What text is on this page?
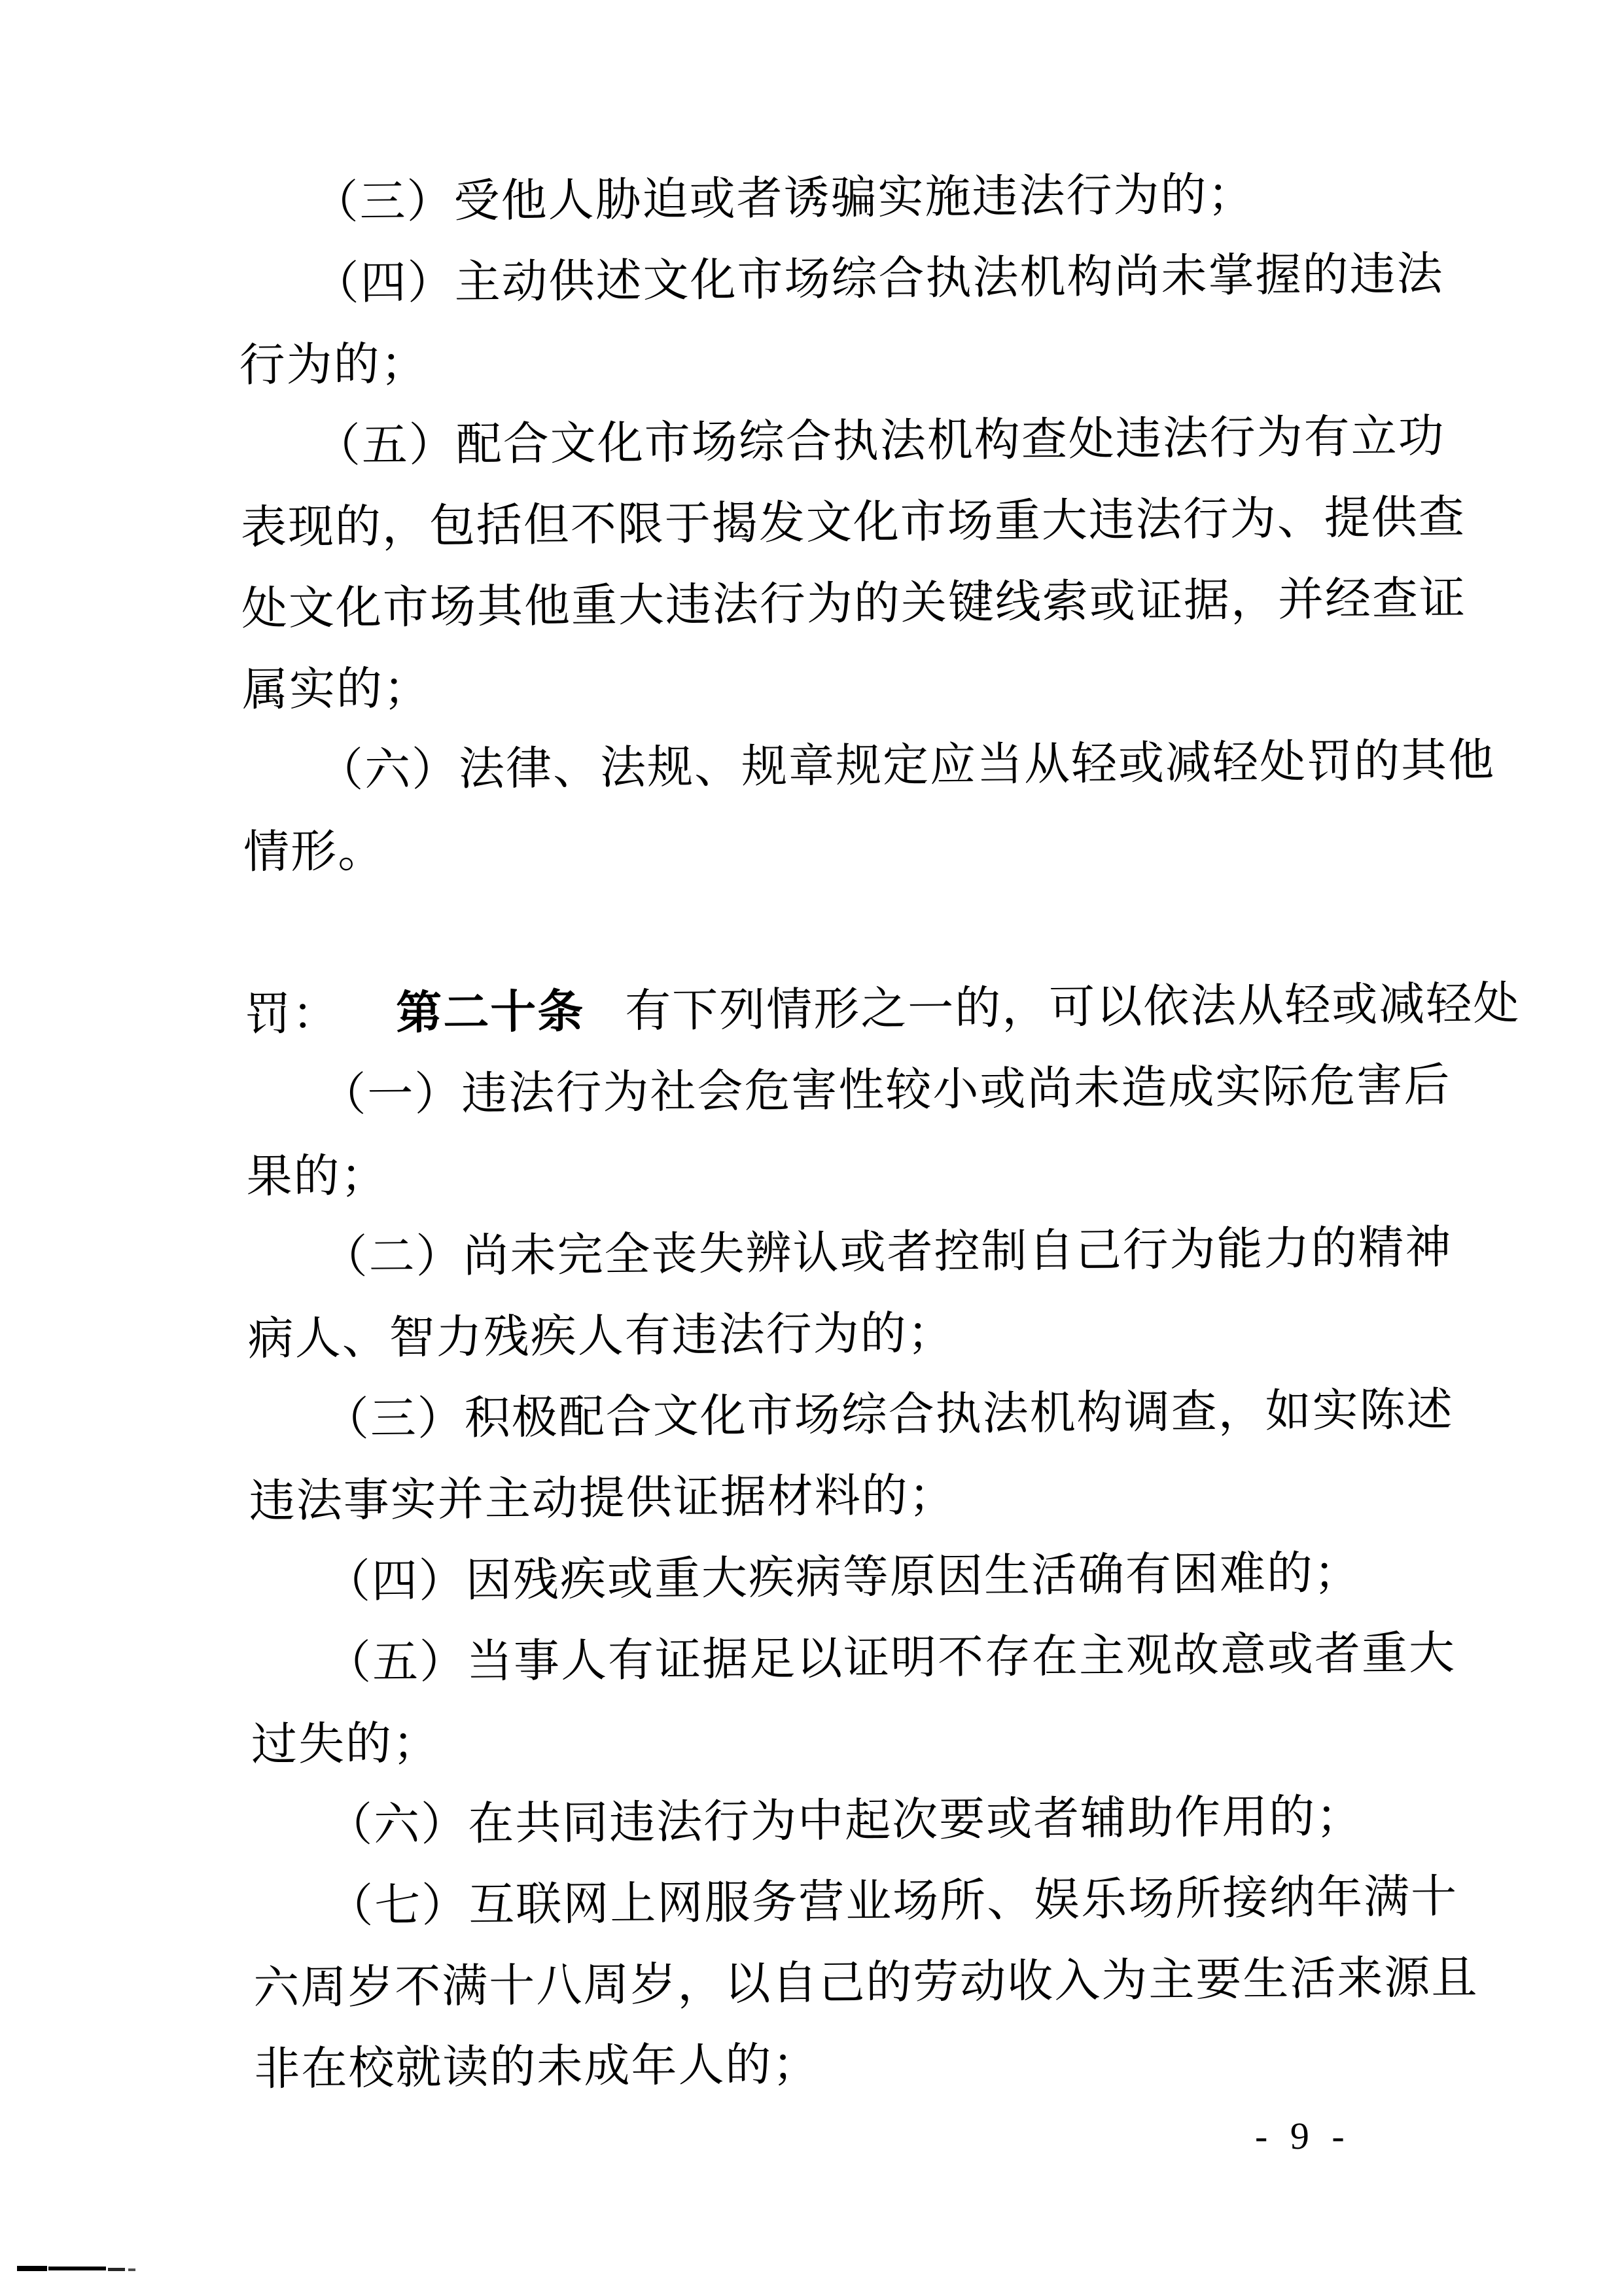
（三）受他人胁迫或者诱骗实施违法行为的；
（四）主动供述文化市场综合执法机构尚未掌握的违法
行为的；
（五）配合文化市场综合执法机构查处违法行为有立功
表现的，包括但不限于揭发文化市场重大违法行为、提供查
处文化市场其他重大违法行为的关键线索或证据，并经查证
属实的；
（六）法律、法规、规章规定应当从轻或减轻处罚的其他
情形。

第二十条 有下列情形之一的，可以依法从轻或减轻处

罚：
（一）违法行为社会危害性较小或尚未造成实际危害后
果的；
（二）尚未完全丧失辨认或者控制自己行为能力的精神
病人、智力残疾人有违法行为的；
（三）积极配合文化市场综合执法机构调查，如实陈述
违法事实并主动提供证据材料的；
（四）因残疾或重大疾病等原因生活确有困难的；
（五）当事人有证据足以证明不存在主观故意或者重大
过失的；
（六）在共同违法行为中起次要或者辅助作用的；
（七）互联网上网服务营业场所、娱乐场所接纳年满十
六周岁不满十八周岁，以自己的劳动收入为主要生活来源且
非在校就读的未成年人的；
- 9 -
